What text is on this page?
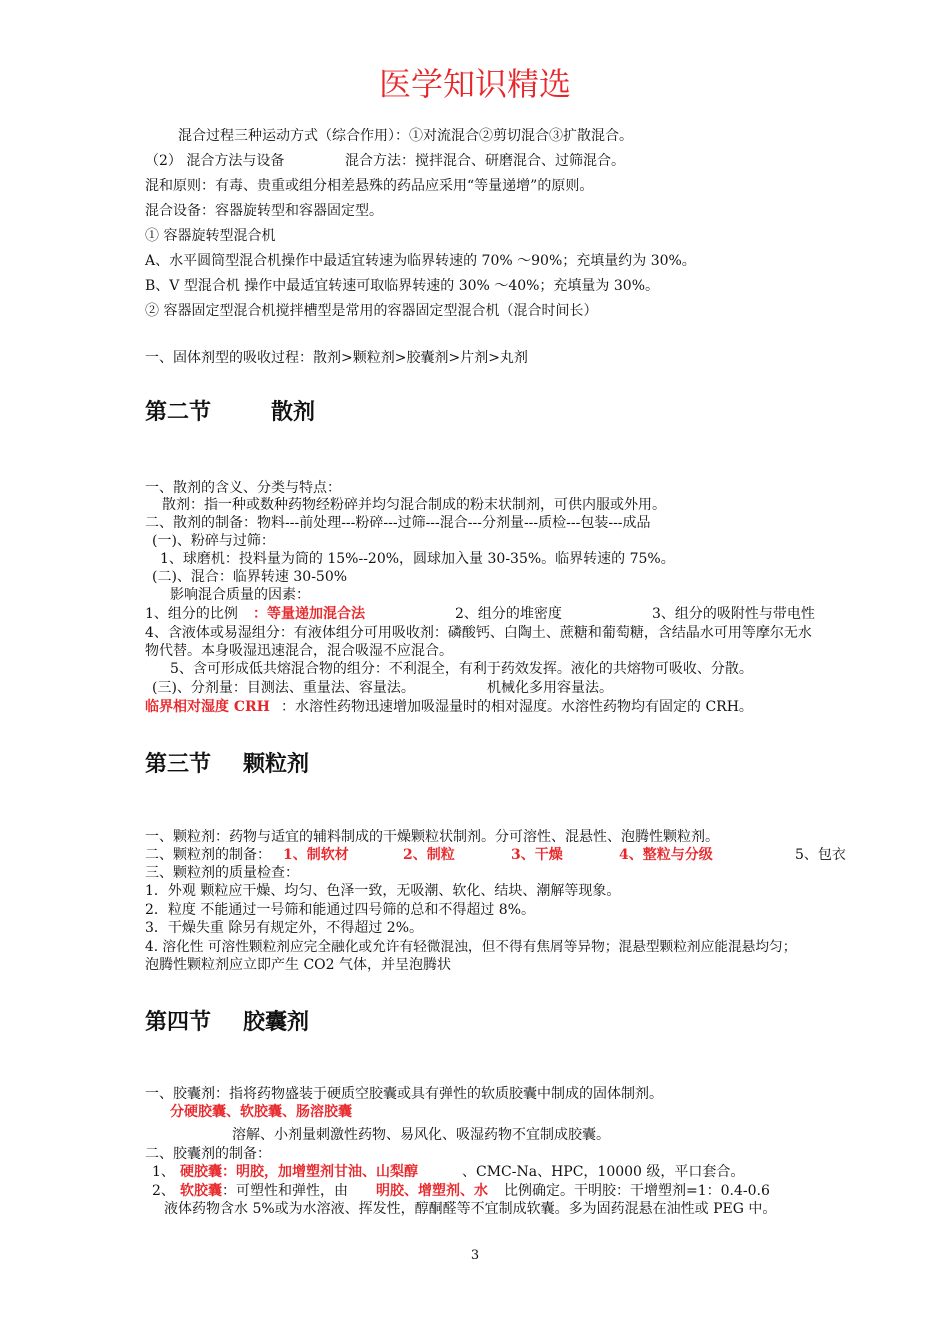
医学知识精选
混合过程三种运动方式（综合作用）：①对流混合②剪切混合③扩散混合。
（2） 混合方法与设备	混合方法：搅拌混合、研磨混合、过筛混合。
混和原则：有毒、贵重或组分相差悬殊的药品应采用“等量递增”的原则。
混合设备：容器旋转型和容器固定型。
① 容器旋转型混合机
A、水平圆筒型混合机操作中最适宜转速为临界转速的 70% ～90%；充填量约为 30%。
B、V 型混合机 操作中最适宜转速可取临界转速的 30% ～40%；充填量为 30%。
② 容器固定型混合机搅拌槽型是常用的容器固定型混合机（混合时间长）
一、固体剂型的吸收过程：散剂>颗粒剂>胶囊剂>片剂>丸剂
第二节	散剂
一、散剂的含义、分类与特点：
散剂：指一种或数种药物经粉碎并均匀混合制成的粉末状制剂，可供内服或外用。
二、散剂的制备：物料---前处理---粉碎---过筛---混合---分剂量---质检---包装---成品
(一)、粉碎与过筛：
1、球磨机：投料量为筒的 15%--20%，圆球加入量 30-35%。临界转速的 75%。
(二)、混合：临界转速 30-50%
影响混合质量的因素：
1、组分的比例 ：等量递加混合法	2、组分的堆密度	3、组分的吸附性与带电性
4、含液体或易湿组分：有液体组分可用吸收剂：磷酸钙、白陶土、蔗糖和葡萄糖，含结晶水可用等摩尔无水
物代替。本身吸湿迅速混合，混合吸湿不应混合。
5、含可形成低共熔混合物的组分：不利混全，有利于药效发挥。液化的共熔物可吸收、分散。
(三)、分剂量：目测法、重量法、容量法。	机械化多用容量法。
临界相对湿度 CRH ：水溶性药物迅速增加吸湿量时的相对湿度。水溶性药物均有固定的 CRH。
第三节 颗粒剂
一、颗粒剂：药物与适宜的辅料制成的干燥颗粒状制剂。分可溶性、混悬性、泡腾性颗粒剂。
二、颗粒剂的制备： 1、制软材	2、制粒	3、干燥	4、整粒与分级	5、包衣
三、颗粒剂的质量检查：
1．外观 颗粒应干燥、均匀、色泽一致，无吸潮、软化、结块、潮解等现象。
2．粒度 不能通过一号筛和能通过四号筛的总和不得超过 8%。
3．干燥失重 除另有规定外，不得超过 2%。
4. 溶化性 可溶性颗粒剂应完全融化或允许有轻微混浊，但不得有焦屑等异物；混悬型颗粒剂应能混悬均匀；
泡腾性颗粒剂应立即产生 CO2 气体，并呈泡腾状
第四节 胶囊剂
一、胶囊剂：指将药物盛装于硬质空胶囊或具有弹性的软质胶囊中制成的固体制剂。
分硬胶囊、软胶囊、肠溶胶囊
溶解、小剂量刺激性药物、易风化、吸湿药物不宜制成胶囊。
二、胶囊剂的制备：
1、 硬胶囊：明胶，加增塑剂甘油、山梨醇	、CMC-Na、HPC，10000 级，平口套合。
2、 软胶囊 ：可塑性和弹性，由 明胶、增塑剂、水 比例确定。干明胶：干增塑剂=1：0.4-0.6
液体药物含水 5%或为水溶液、挥发性，醇酮醛等不宜制成软囊。多为固药混悬在油性或 PEG 中。
3
